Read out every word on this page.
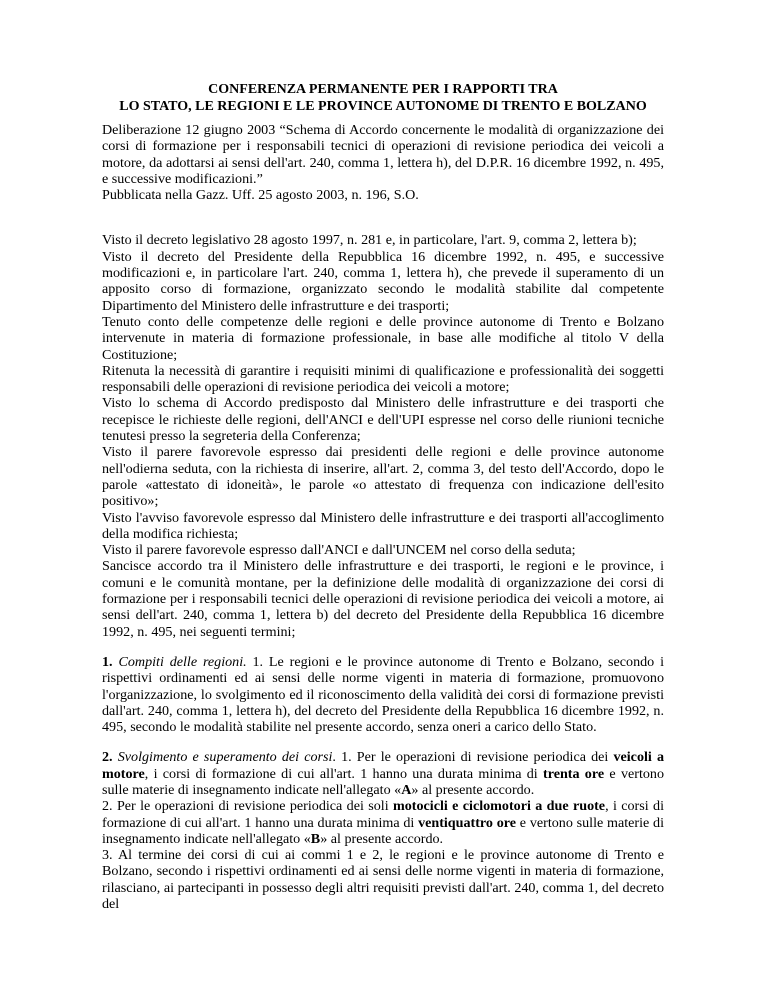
CONFERENZA PERMANENTE PER I RAPPORTI TRA
LO STATO, LE REGIONI E LE PROVINCE AUTONOME DI TRENTO E BOLZANO

Deliberazione 12 giugno 2003 “Schema di Accordo concernente le modalità di organizzazione dei corsi di formazione per i responsabili tecnici di operazioni di revisione periodica dei veicoli a motore, da adottarsi ai sensi dell'art. 240, comma 1, lettera h), del D.P.R. 16 dicembre 1992, n. 495, e successive modificazioni.”

Pubblicata nella Gazz. Uff. 25 agosto 2003, n. 196, S.O.

Visto il decreto legislativo 28 agosto 1997, n. 281 e, in particolare, l'art. 9, comma 2, lettera b);

Visto il decreto del Presidente della Repubblica 16 dicembre 1992, n. 495, e successive modificazioni e, in particolare l'art. 240, comma 1, lettera h), che prevede il superamento di un apposito corso di formazione, organizzato secondo le modalità stabilite dal competente Dipartimento del Ministero delle infrastrutture e dei trasporti;

Tenuto conto delle competenze delle regioni e delle province autonome di Trento e Bolzano intervenute in materia di formazione professionale, in base alle modifiche al titolo V della Costituzione;

Ritenuta la necessità di garantire i requisiti minimi di qualificazione e professionalità dei soggetti responsabili delle operazioni di revisione periodica dei veicoli a motore;

Visto lo schema di Accordo predisposto dal Ministero delle infrastrutture e dei trasporti che recepisce le richieste delle regioni, dell'ANCI e dell'UPI espresse nel corso delle riunioni tecniche tenutesi presso la segreteria della Conferenza;

Visto il parere favorevole espresso dai presidenti delle regioni e delle province autonome nell'odierna seduta, con la richiesta di inserire, all'art. 2, comma 3, del testo dell'Accordo, dopo le parole «attestato di idoneità», le parole «o attestato di frequenza con indicazione dell'esito positivo»;

Visto l'avviso favorevole espresso dal Ministero delle infrastrutture e dei trasporti all'accoglimento della modifica richiesta;

Visto il parere favorevole espresso dall'ANCI e dall'UNCEM nel corso della seduta;

Sancisce accordo tra il Ministero delle infrastrutture e dei trasporti, le regioni e le province, i comuni e le comunità montane, per la definizione delle modalità di organizzazione dei corsi di formazione per i responsabili tecnici delle operazioni di revisione periodica dei veicoli a motore, ai sensi dell'art. 240, comma 1, lettera b) del decreto del Presidente della Repubblica 16 dicembre 1992, n. 495, nei seguenti termini;

1. Compiti delle regioni. 1. Le regioni e le province autonome di Trento e Bolzano, secondo i rispettivi ordinamenti ed ai sensi delle norme vigenti in materia di formazione, promuovono l'organizzazione, lo svolgimento ed il riconoscimento della validità dei corsi di formazione previsti dall'art. 240, comma 1, lettera h), del decreto del Presidente della Repubblica 16 dicembre 1992, n. 495, secondo le modalità stabilite nel presente accordo, senza oneri a carico dello Stato.

2. Svolgimento e superamento dei corsi. 1. Per le operazioni di revisione periodica dei veicoli a motore, i corsi di formazione di cui all'art. 1 hanno una durata minima di trenta ore e vertono sulle materie di insegnamento indicate nell'allegato «A» al presente accordo.

2. Per le operazioni di revisione periodica dei soli motocicli e ciclomotori a due ruote, i corsi di formazione di cui all'art. 1 hanno una durata minima di ventiquattro ore e vertono sulle materie di insegnamento indicate nell'allegato «B» al presente accordo.

3. Al termine dei corsi di cui ai commi 1 e 2, le regioni e le province autonome di Trento e Bolzano, secondo i rispettivi ordinamenti ed ai sensi delle norme vigenti in materia di formazione, rilasciano, ai partecipanti in possesso degli altri requisiti previsti dall'art. 240, comma 1, del decreto del
